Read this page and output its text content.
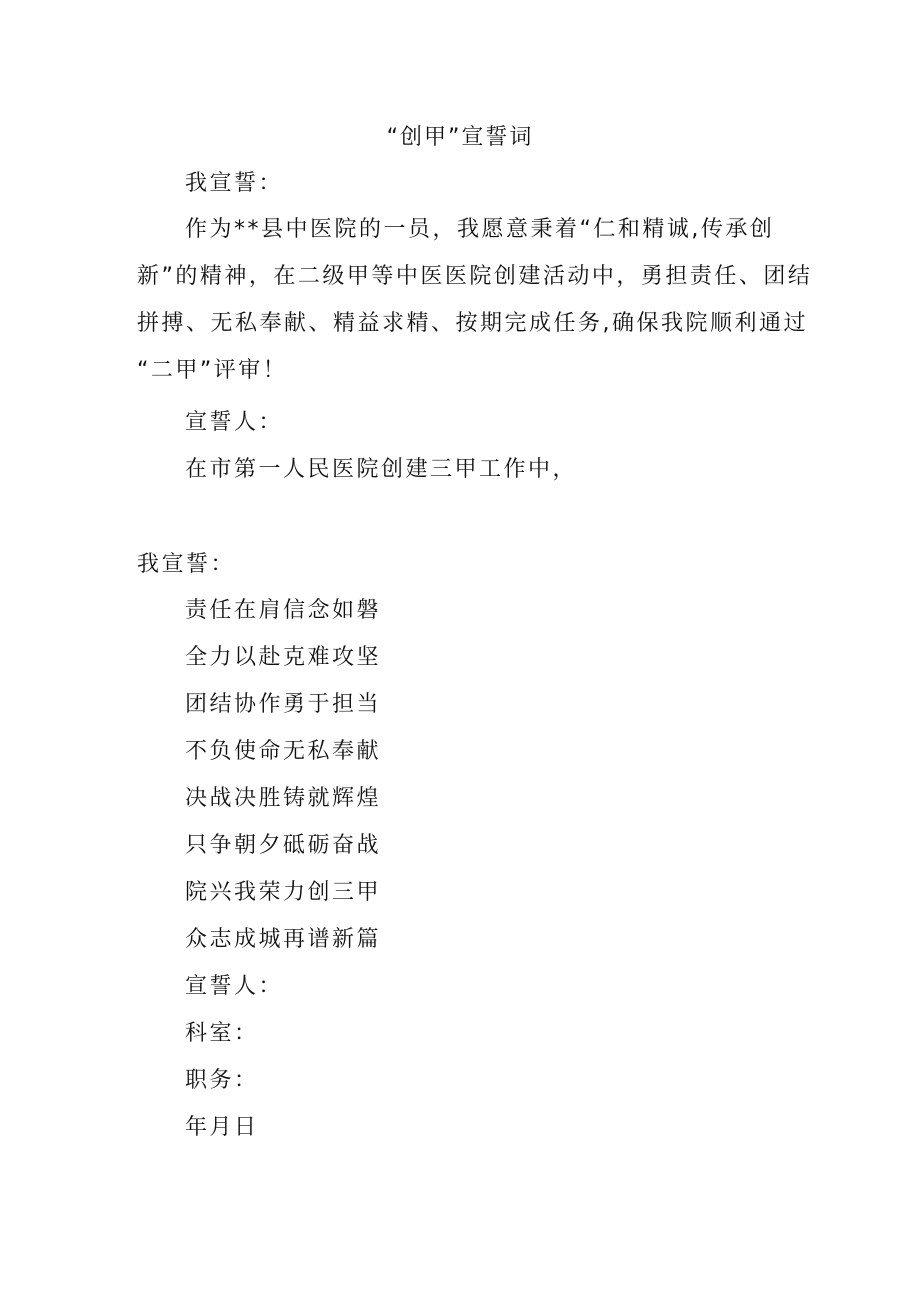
“创甲”宣誓词
我宣誓：
作为**县中医院的一员，我愿意秉着“仁和精诚,传承创
新”的精神，在二级甲等中医医院创建活动中，勇担责任、团结
拼搏、无私奉献、精益求精、按期完成任务,确保我院顺利通过
“二甲”评审！
宣誓人：
在市第一人民医院创建三甲工作中，
我宣誓：
责任在肩信念如磐
全力以赴克难攻坚
团结协作勇于担当
不负使命无私奉献
决战决胜铸就辉煌
只争朝夕砥砺奋战
院兴我荣力创三甲
众志成城再谱新篇
宣誓人：
科室：
职务：
年月日
